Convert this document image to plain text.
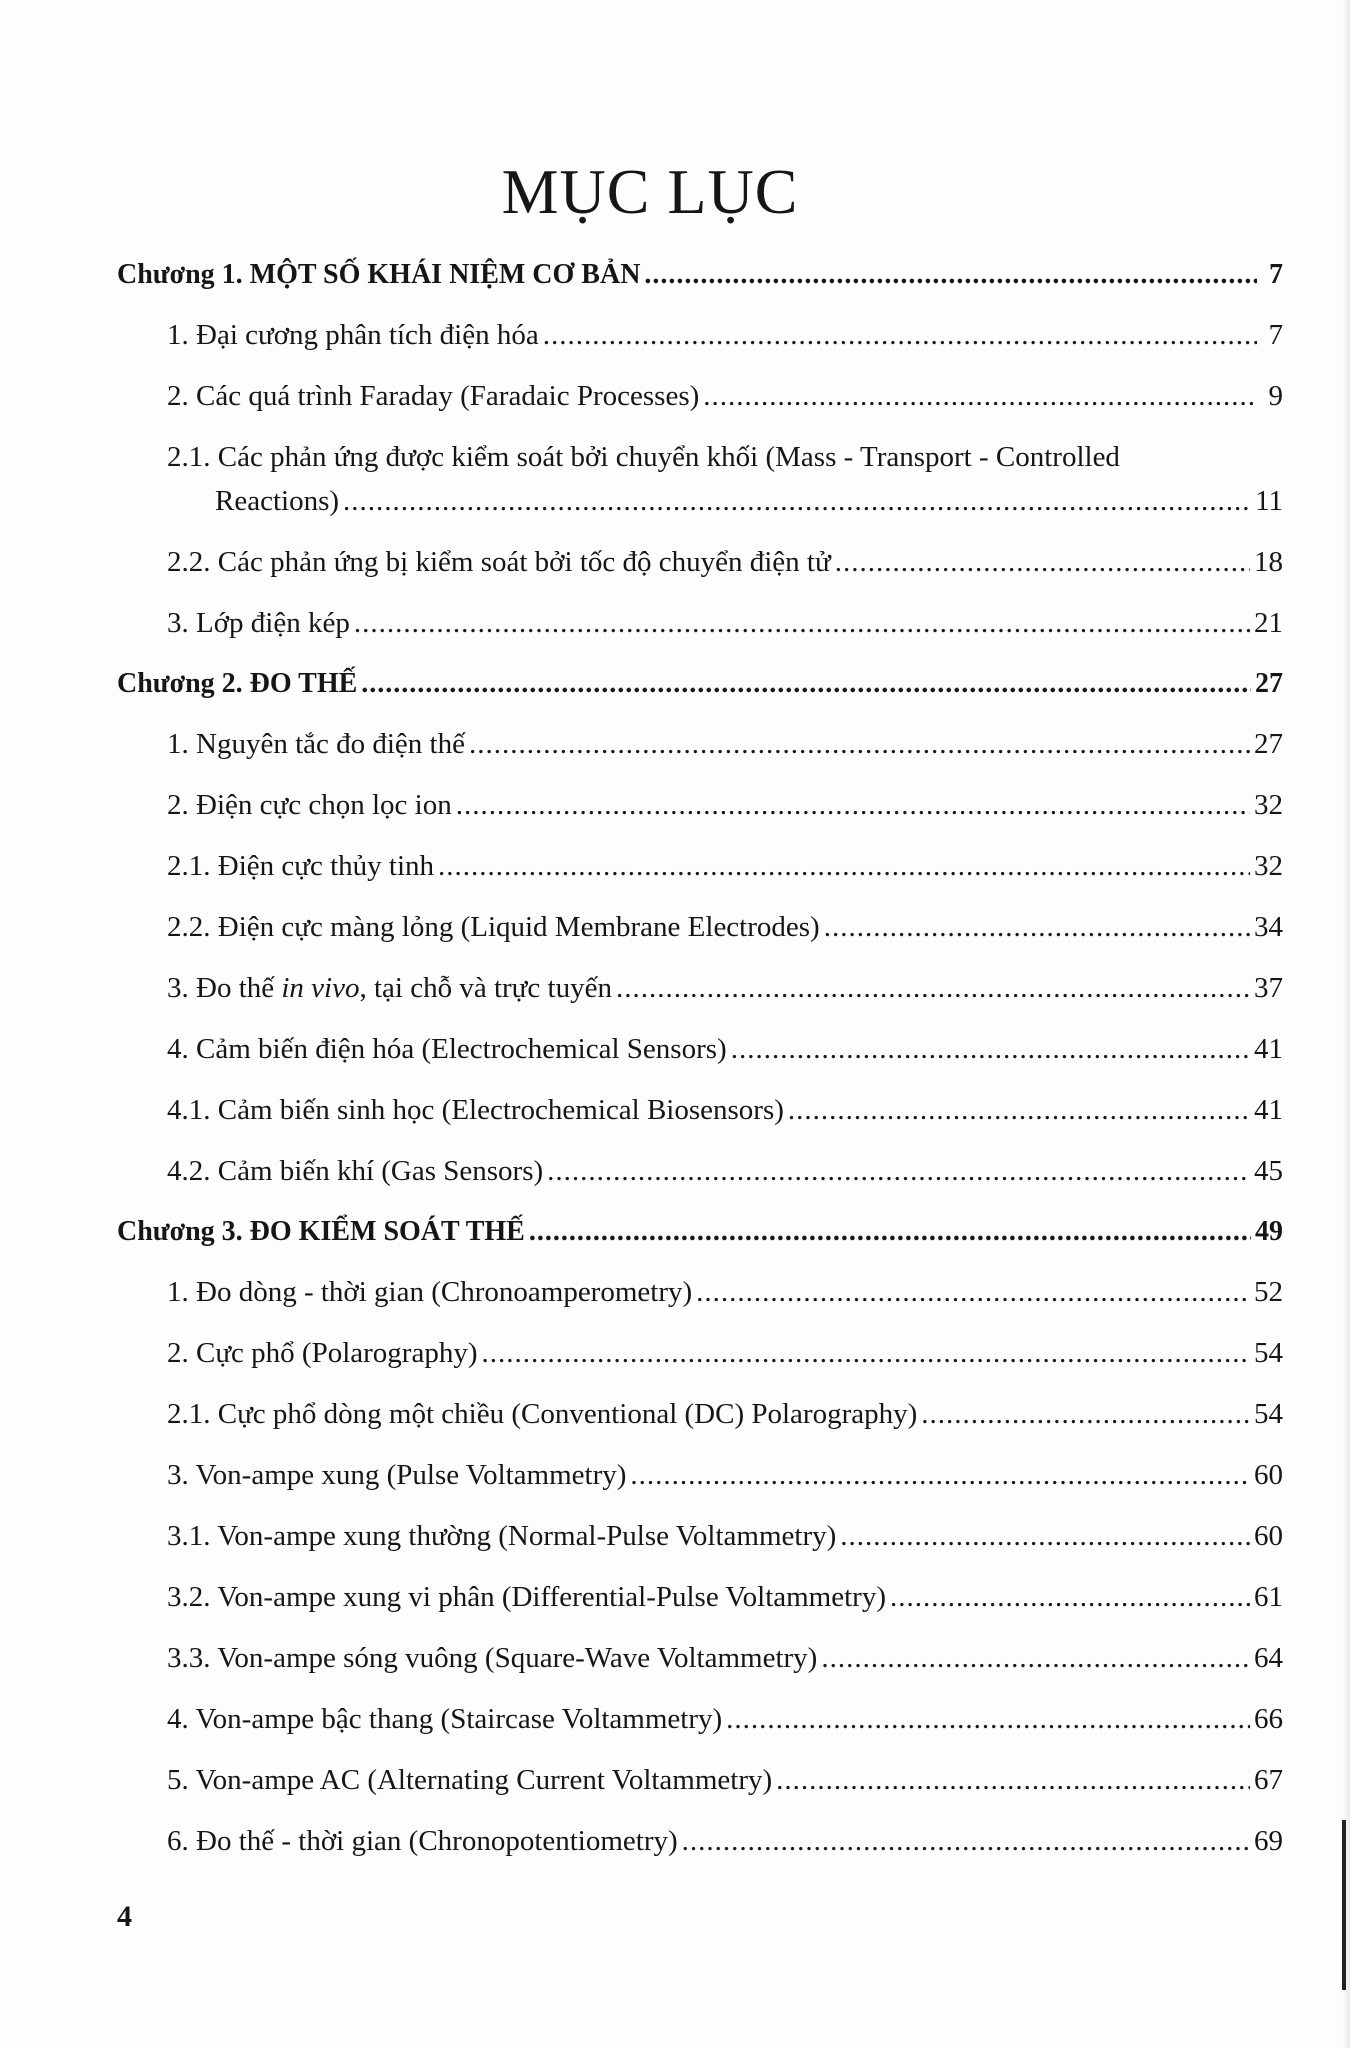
MỤC LỤC
Chương 1. MỘT SỐ KHÁI NIỆM CƠ BẢN .....	7
1. Đại cương phân tích điện hóa .....	7
2. Các quá trình Faraday (Faradaic Processes) .....	9
2.1. Các phản ứng được kiểm soát bởi chuyển khối (Mass - Transport - Controlled
Reactions) .....	11
2.2. Các phản ứng bị kiểm soát bởi tốc độ chuyển điện tử .....	18
3. Lớp điện kép .....	21
Chương 2. ĐO THẾ .....	27
1. Nguyên tắc đo điện thế .....	27
2. Điện cực chọn lọc ion .....	32
2.1. Điện cực thủy tinh .....	32
2.2. Điện cực màng lỏng (Liquid Membrane Electrodes) .....	34
3. Đo thế in vivo, tại chỗ và trực tuyến .....	37
4. Cảm biến điện hóa (Electrochemical Sensors) .....	41
4.1. Cảm biến sinh học (Electrochemical Biosensors) .....	41
4.2. Cảm biến khí (Gas Sensors) .....	45
Chương 3. ĐO KIỂM SOÁT THẾ .....	49
1. Đo dòng - thời gian (Chronoamperometry) .....	52
2. Cực phổ (Polarography) .....	54
2.1. Cực phổ dòng một chiều (Conventional (DC) Polarography) .....	54
3. Von-ampe xung (Pulse Voltammetry) .....	60
3.1. Von-ampe xung thường (Normal-Pulse Voltammetry) .....	60
3.2. Von-ampe xung vi phân (Differential-Pulse Voltammetry) .....	61
3.3. Von-ampe sóng vuông (Square-Wave Voltammetry) .....	64
4. Von-ampe bậc thang (Staircase Voltammetry) .....	66
5. Von-ampe AC (Alternating Current Voltammetry) .....	67
6. Đo thế - thời gian (Chronopotentiometry) .....	69
4
